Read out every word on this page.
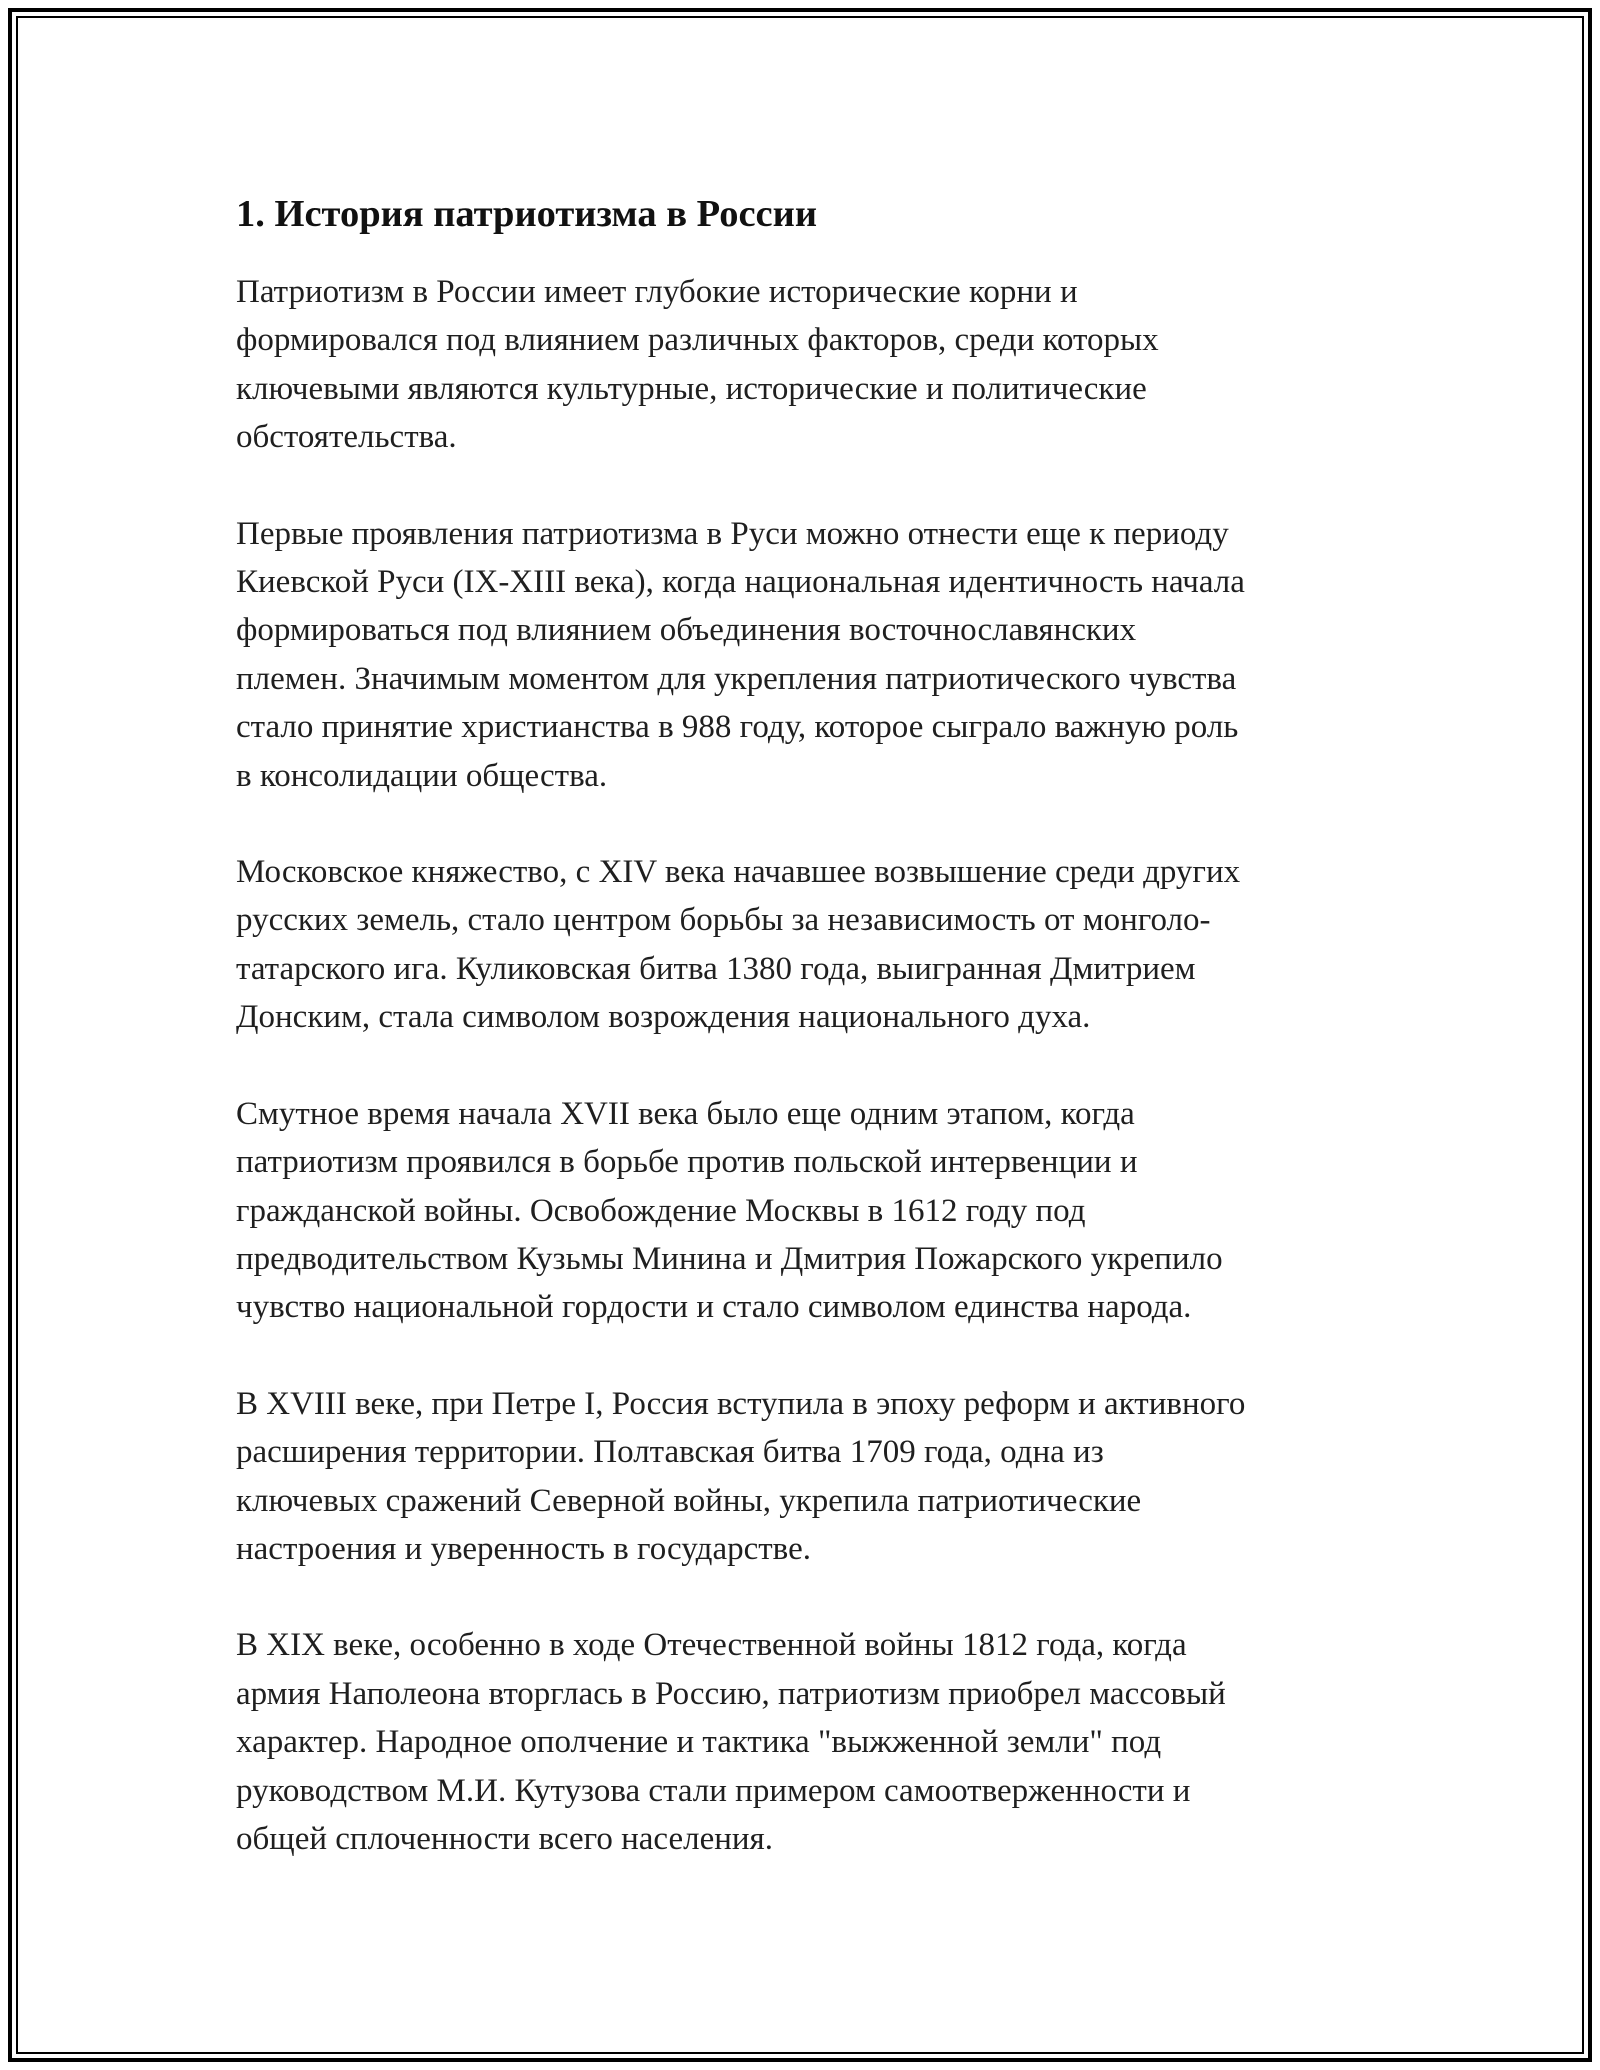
1. История патриотизма в России

Патриотизм в России имеет глубокие исторические корни и
формировался под влиянием различных факторов, среди которых
ключевыми являются культурные, исторические и политические
обстоятельства.

Первые проявления патриотизма в Руси можно отнести еще к периоду
Киевской Руси (IX-XIII века), когда национальная идентичность начала
формироваться под влиянием объединения восточнославянских
племен. Значимым моментом для укрепления патриотического чувства
стало принятие христианства в 988 году, которое сыграло важную роль
в консолидации общества.

Московское княжество, с XIV века начавшее возвышение среди других
русских земель, стало центром борьбы за независимость от монголо-
татарского ига. Куликовская битва 1380 года, выигранная Дмитрием
Донским, стала символом возрождения национального духа.

Смутное время начала XVII века было еще одним этапом, когда
патриотизм проявился в борьбе против польской интервенции и
гражданской войны. Освобождение Москвы в 1612 году под
предводительством Кузьмы Минина и Дмитрия Пожарского укрепило
чувство национальной гордости и стало символом единства народа.

В XVIII веке, при Петре I, Россия вступила в эпоху реформ и активного
расширения территории. Полтавская битва 1709 года, одна из
ключевых сражений Северной войны, укрепила патриотические
настроения и уверенность в государстве.

В XIX веке, особенно в ходе Отечественной войны 1812 года, когда
армия Наполеона вторглась в Россию, патриотизм приобрел массовый
характер. Народное ополчение и тактика "выжженной земли" под
руководством М.И. Кутузова стали примером самоотверженности и
общей сплоченности всего населения.
